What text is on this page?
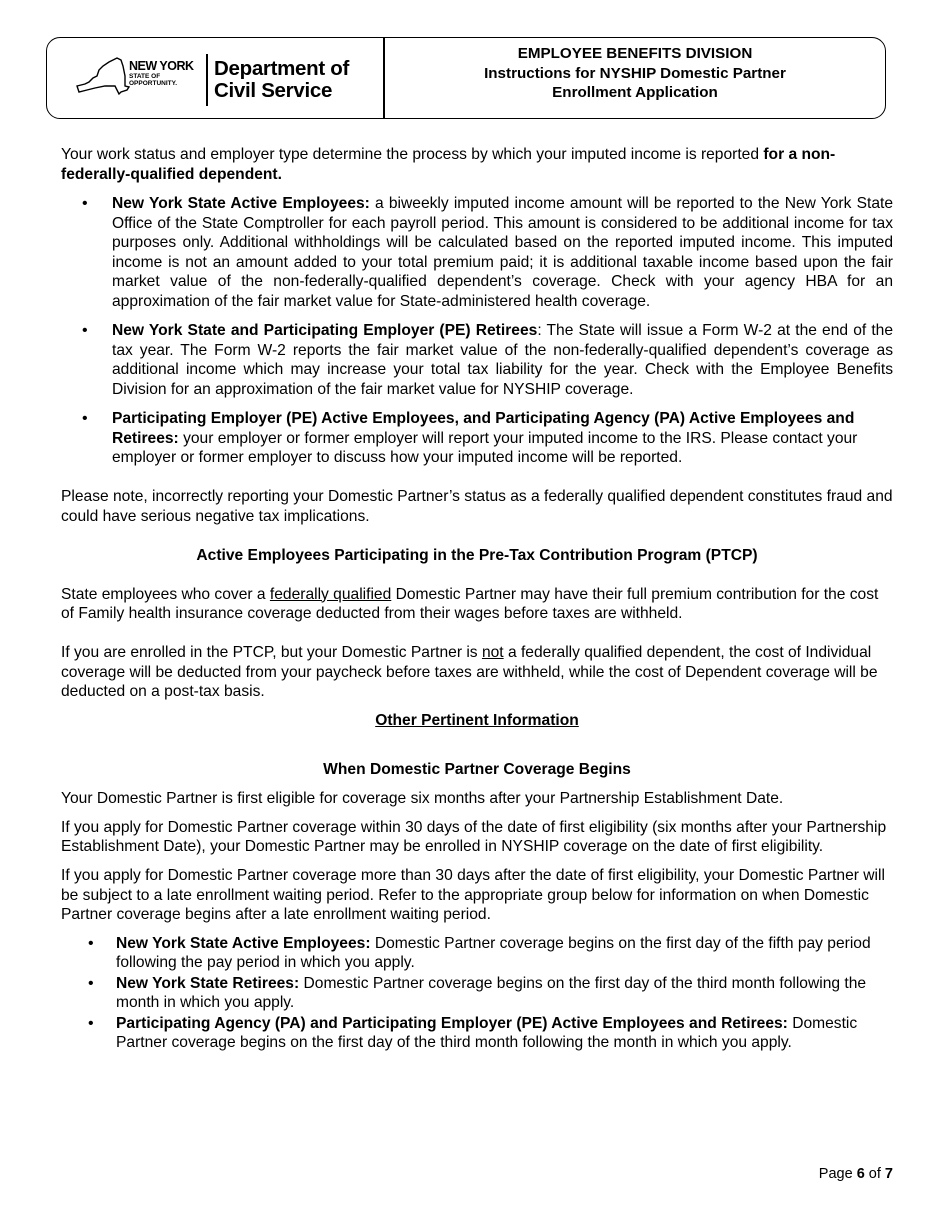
NEW YORK
STATE OF
OPPORTUNITY.
Department of
Civil Service
EMPLOYEE BENEFITS DIVISION
Instructions for NYSHIP Domestic Partner
Enrollment Application

Your work status and employer type determine the process by which your imputed income is reported for a non-federally-qualified dependent.

• New York State Active Employees: a biweekly imputed income amount will be reported to the New York State Office of the State Comptroller for each payroll period. This amount is considered to be additional income for tax purposes only. Additional withholdings will be calculated based on the reported imputed income. This imputed income is not an amount added to your total premium paid; it is additional taxable income based upon the fair market value of the non-federally-qualified dependent’s coverage. Check with your agency HBA for an approximation of the fair market value for State-administered health coverage.
• New York State and Participating Employer (PE) Retirees: The State will issue a Form W-2 at the end of the tax year. The Form W-2 reports the fair market value of the non-federally-qualified dependent’s coverage as additional income which may increase your total tax liability for the year. Check with the Employee Benefits Division for an approximation of the fair market value for NYSHIP coverage.
• Participating Employer (PE) Active Employees, and Participating Agency (PA) Active Employees and Retirees: your employer or former employer will report your imputed income to the IRS. Please contact your employer or former employer to discuss how your imputed income will be reported.

Please note, incorrectly reporting your Domestic Partner’s status as a federally qualified dependent constitutes fraud and could have serious negative tax implications.

Active Employees Participating in the Pre-Tax Contribution Program (PTCP)

State employees who cover a federally qualified Domestic Partner may have their full premium contribution for the cost of Family health insurance coverage deducted from their wages before taxes are withheld.

If you are enrolled in the PTCP, but your Domestic Partner is not a federally qualified dependent, the cost of Individual coverage will be deducted from your paycheck before taxes are withheld, while the cost of Dependent coverage will be deducted on a post-tax basis.

Other Pertinent Information

When Domestic Partner Coverage Begins

Your Domestic Partner is first eligible for coverage six months after your Partnership Establishment Date.

If you apply for Domestic Partner coverage within 30 days of the date of first eligibility (six months after your Partnership Establishment Date), your Domestic Partner may be enrolled in NYSHIP coverage on the date of first eligibility.

If you apply for Domestic Partner coverage more than 30 days after the date of first eligibility, your Domestic Partner will be subject to a late enrollment waiting period. Refer to the appropriate group below for information on when Domestic Partner coverage begins after a late enrollment waiting period.

• New York State Active Employees: Domestic Partner coverage begins on the first day of the fifth pay period following the pay period in which you apply.
• New York State Retirees: Domestic Partner coverage begins on the first day of the third month following the month in which you apply.
• Participating Agency (PA) and Participating Employer (PE) Active Employees and Retirees: Domestic Partner coverage begins on the first day of the third month following the month in which you apply.
Page 6 of 7
